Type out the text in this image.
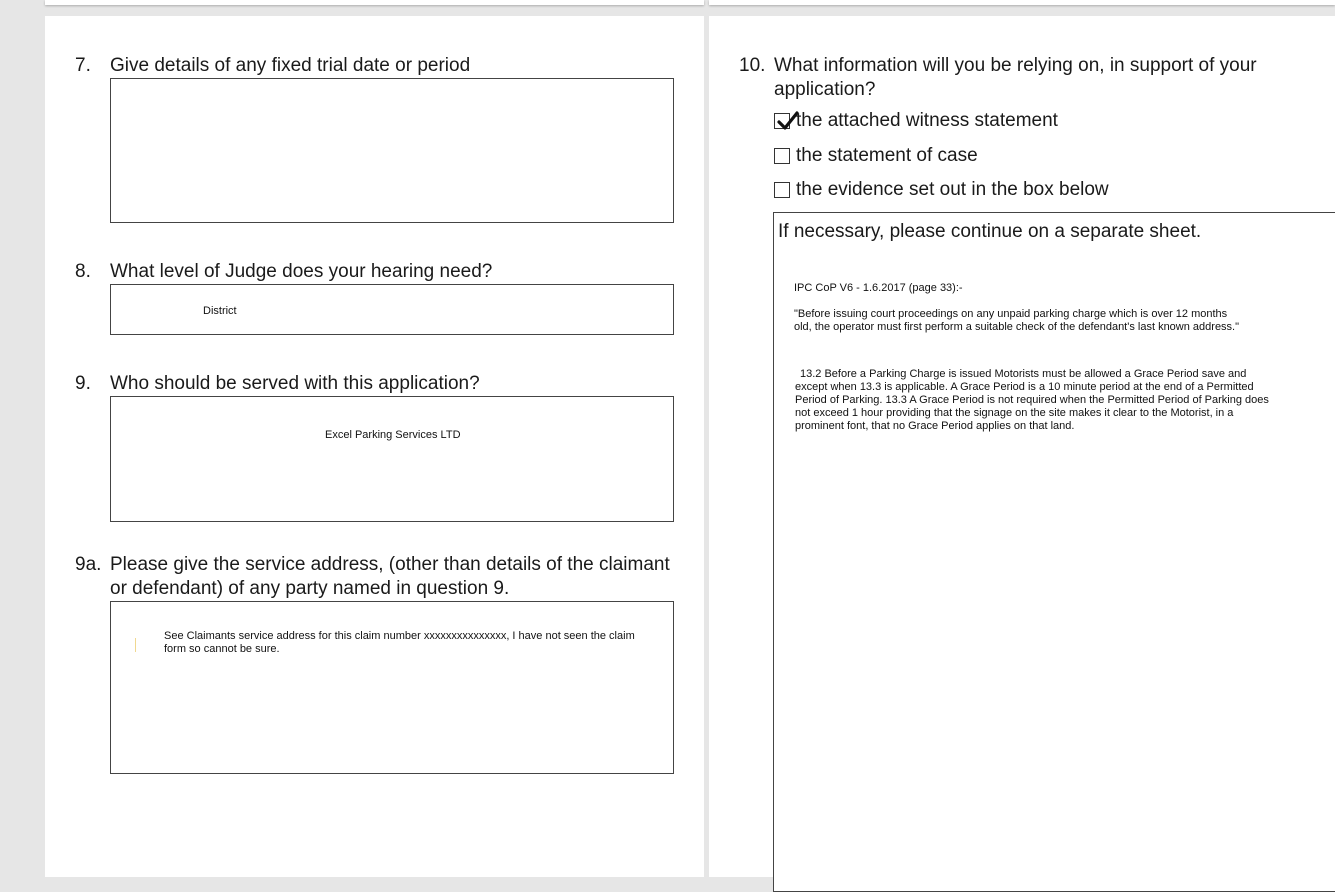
7. Give details of any fixed trial date or period
8. What level of Judge does your hearing need?
District
9. Who should be served with this application?
Excel Parking Services LTD
9a. Please give the service address, (other than details of the claimant
or defendant) of any party named in question 9.
See Claimants service address for this claim number xxxxxxxxxxxxxxx, I have not seen the claim
form so cannot be sure.
10. What information will you be relying on, in support of your
application?
the attached witness statement
the statement of case
the evidence set out in the box below
If necessary, please continue on a separate sheet.
IPC CoP V6 - 1.6.2017 (page 33):-
"Before issuing court proceedings on any unpaid parking charge which is over 12 months
old, the operator must first perform a suitable check of the defendant's last known address."
13.2 Before a Parking Charge is issued Motorists must be allowed a Grace Period save and
except when 13.3 is applicable. A Grace Period is a 10 minute period at the end of a Permitted
Period of Parking. 13.3 A Grace Period is not required when the Permitted Period of Parking does
not exceed 1 hour providing that the signage on the site makes it clear to the Motorist, in a
prominent font, that no Grace Period applies on that land.
